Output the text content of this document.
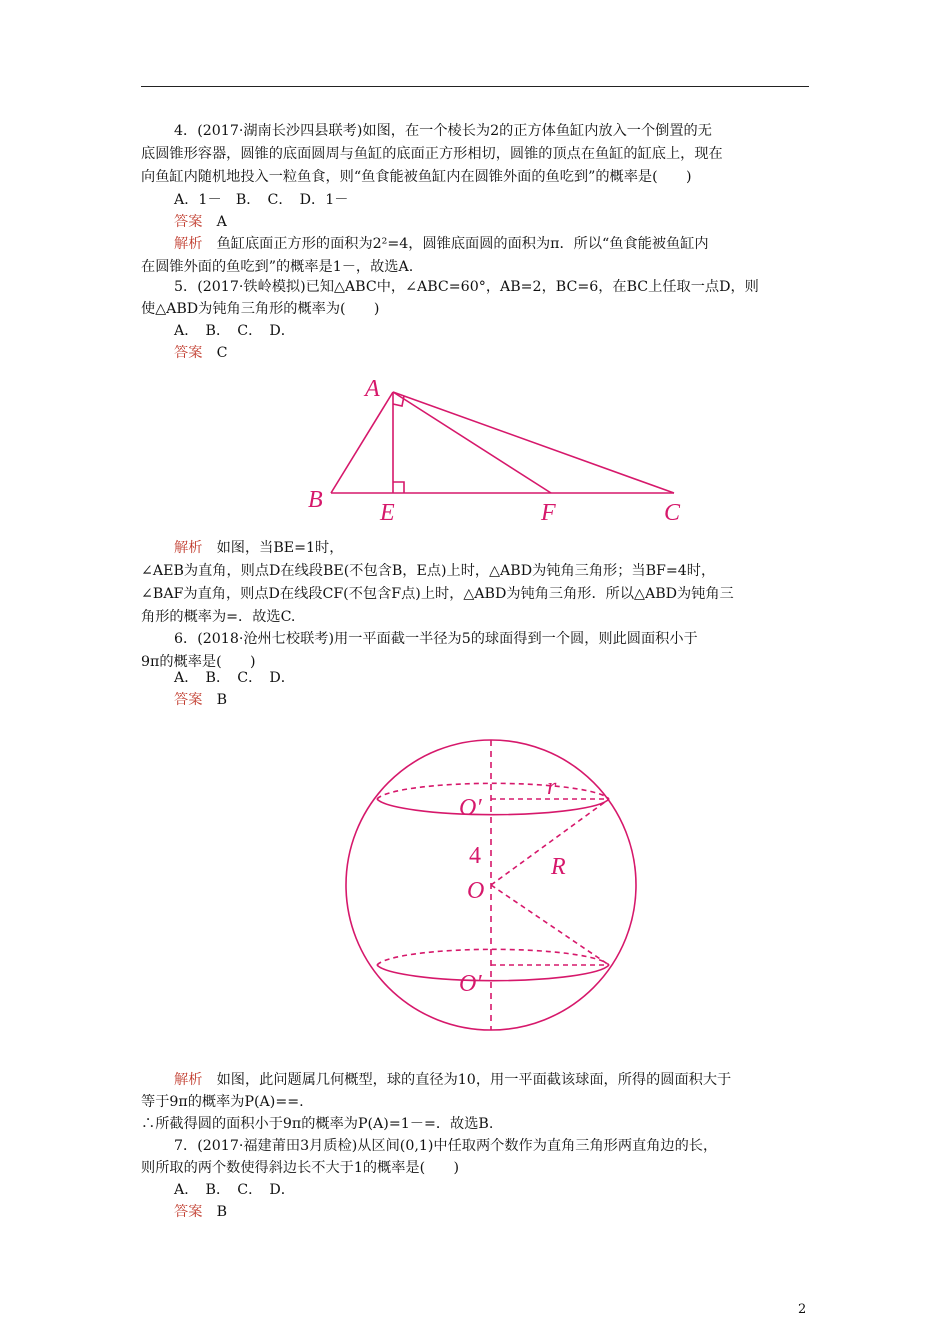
4．(2017·湖南长沙四县联考)如图，在一个棱长为2的正方体鱼缸内放入一个倒置的无
底圆锥形容器，圆锥的底面圆周与鱼缸的底面正方形相切，圆锥的顶点在鱼缸的缸底上，现在
向鱼缸内随机地投入一粒鱼食，则“鱼食能被鱼缸内在圆锥外面的鱼吃到”的概率是(　　)
A．1－　B．　C．　D．1－
答案　 A
解析　 鱼缸底面正方形的面积为2²=4，圆锥底面圆的面积为π．所以“鱼食能被鱼缸内
在圆锥外面的鱼吃到”的概率是1－，故选A.
5．(2017·铁岭模拟)已知△ABC中，∠ABC=60°，AB=2，BC=6，在BC上任取一点D，则
使△ABD为钝角三角形的概率为(　　)
A．　B．　C．　D．
答案　 C
A
B E	F	C
解析　 如图，当BE=1时，
∠AEB为直角，则点D在线段BE(不包含B，E点)上时，△ABD为钝角三角形；当BF=4时，
∠BAF为直角，则点D在线段CF(不包含F点)上时，△ABD为钝角三角形．所以△ABD为钝角三
角形的概率为=．故选C.
6．(2018·沧州七校联考)用一平面截一半径为5的球面得到一个圆，则此圆面积小于
9π的概率是(　　)
A．　B．　C．　D．
答案　 B
O′
r
4	R
O
O′
解析　 如图，此问题属几何概型，球的直径为10，用一平面截该球面，所得的圆面积大于
等于9π的概率为P(A)==.
∴所截得圆的面积小于9π的概率为P(A)=1－=．故选B.
7．(2017·福建莆田3月质检)从区间(0,1)中任取两个数作为直角三角形两直角边的长，
则所取的两个数使得斜边长不大于1的概率是(　　)
A．　B．　C．　D．
答案　 B
2
